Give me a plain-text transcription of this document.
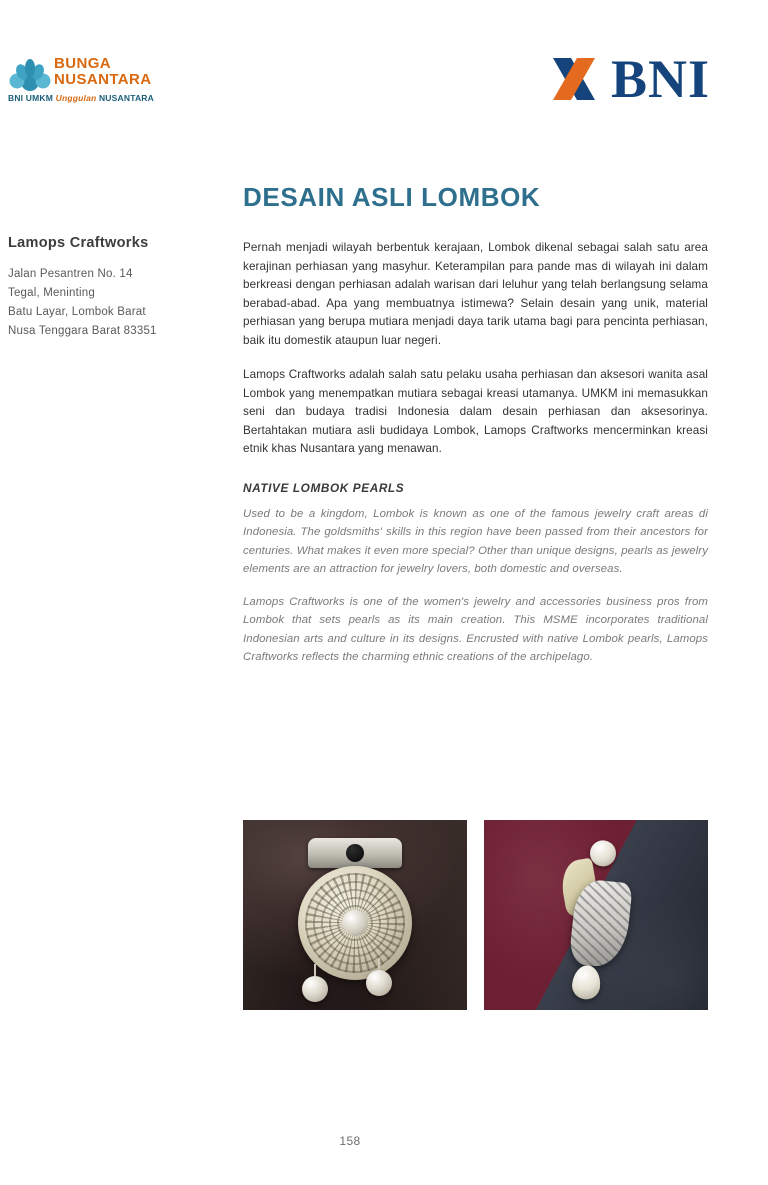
BUNGA
NUSANTARA
BNI UMKM Unggulan NUSANTARA	BNI
Lamops Craftworks
Jalan Pesantren No. 14
Tegal, Meninting
Batu Layar, Lombok Barat
Nusa Tenggara Barat 83351
DESAIN ASLI LOMBOK

Pernah menjadi wilayah berbentuk kerajaan, Lombok dikenal sebagai salah satu area kerajinan perhiasan yang masyhur. Keterampilan para pande mas di wilayah ini dalam berkreasi dengan perhiasan adalah warisan dari leluhur yang telah berlangsung selama berabad-abad. Apa yang membuatnya istimewa? Selain desain yang unik, material perhiasan yang berupa mutiara menjadi daya tarik utama bagi para pencinta perhiasan, baik itu domestik ataupun luar negeri.

Lamops Craftworks adalah salah satu pelaku usaha perhiasan dan aksesori wanita asal Lombok yang menempatkan mutiara sebagai kreasi utamanya. UMKM ini memasukkan seni dan budaya tradisi Indonesia dalam desain perhiasan dan aksesorinya. Bertahtakan mutiara asli budidaya Lombok, Lamops Craftworks mencerminkan kreasi etnik khas Nusantara yang menawan.

NATIVE LOMBOK PEARLS

Used to be a kingdom, Lombok is known as one of the famous jewelry craft areas di Indonesia. The goldsmiths' skills in this region have been passed from their ancestors for centuries. What makes it even more special? Other than unique designs, pearls as jewelry elements are an attraction for jewelry lovers, both domestic and overseas.

Lamops Craftworks is one of the women's jewelry and accessories business pros from Lombok that sets pearls as its main creation. This MSME incorporates traditional Indonesian arts and culture in its designs. Encrusted with native Lombok pearls, Lamops Craftworks reflects the charming ethnic creations of the archipelago.

158
